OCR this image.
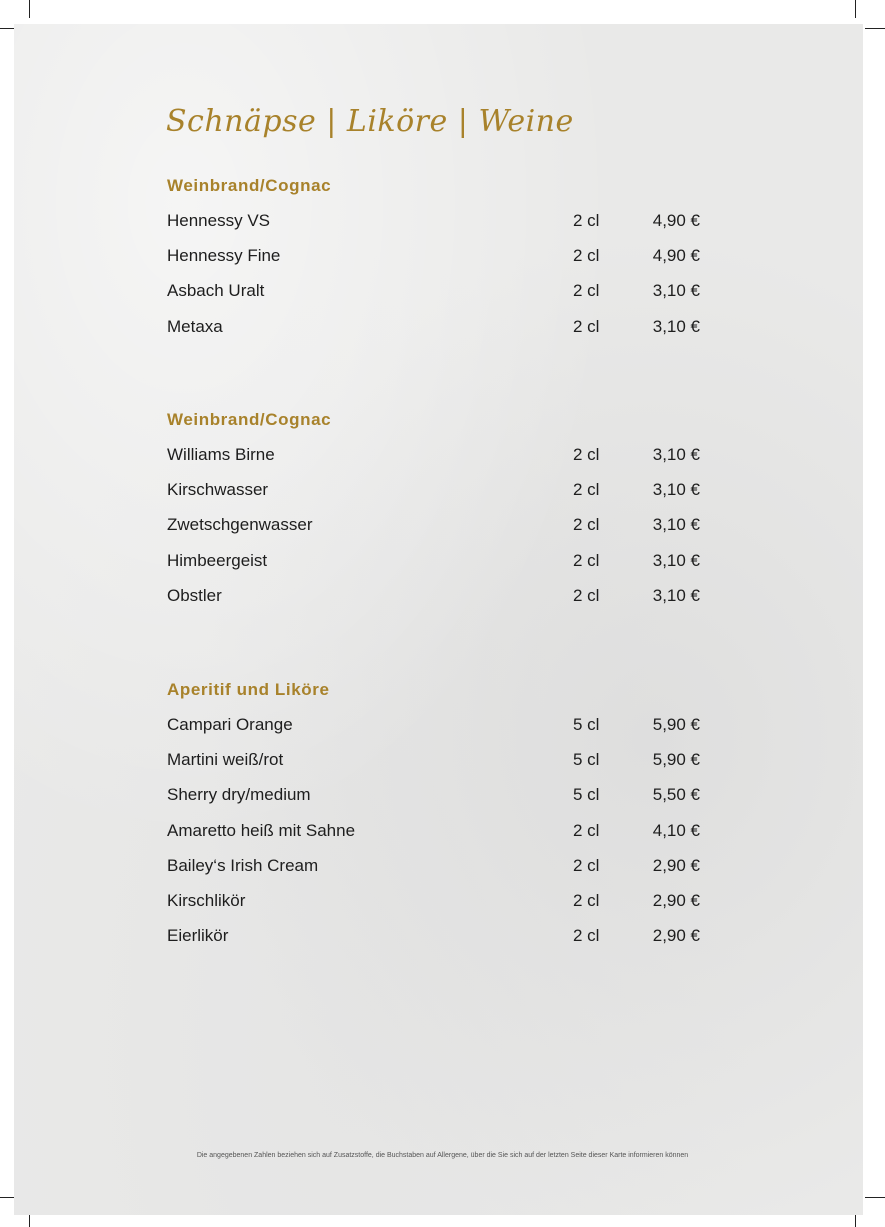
Schnäpse | Liköre | Weine
Weinbrand/Cognac
Hennessy VS	2 cl	4,90 €
Hennessy Fine	2 cl	4,90 €
Asbach Uralt	2 cl	3,10 €
Metaxa	2 cl	3,10 €
Weinbrand/Cognac
Williams Birne	2 cl	3,10 €
Kirschwasser	2 cl	3,10 €
Zwetschgenwasser	2 cl	3,10 €
Himbeergeist	2 cl	3,10 €
Obstler	2 cl	3,10 €
Aperitif und Liköre
Campari Orange	5 cl	5,90 €
Martini weiß/rot	5 cl	5,90 €
Sherry dry/medium	5 cl	5,50 €
Amaretto heiß mit Sahne	2 cl	4,10 €
Bailey‘s Irish Cream	2 cl	2,90 €
Kirschlikör	2 cl	2,90 €
Eierlikör	2 cl	2,90 €
Die angegebenen Zahlen beziehen sich auf Zusatzstoffe, die Buchstaben auf Allergene, über die Sie sich auf der letzten Seite dieser Karte informieren können
